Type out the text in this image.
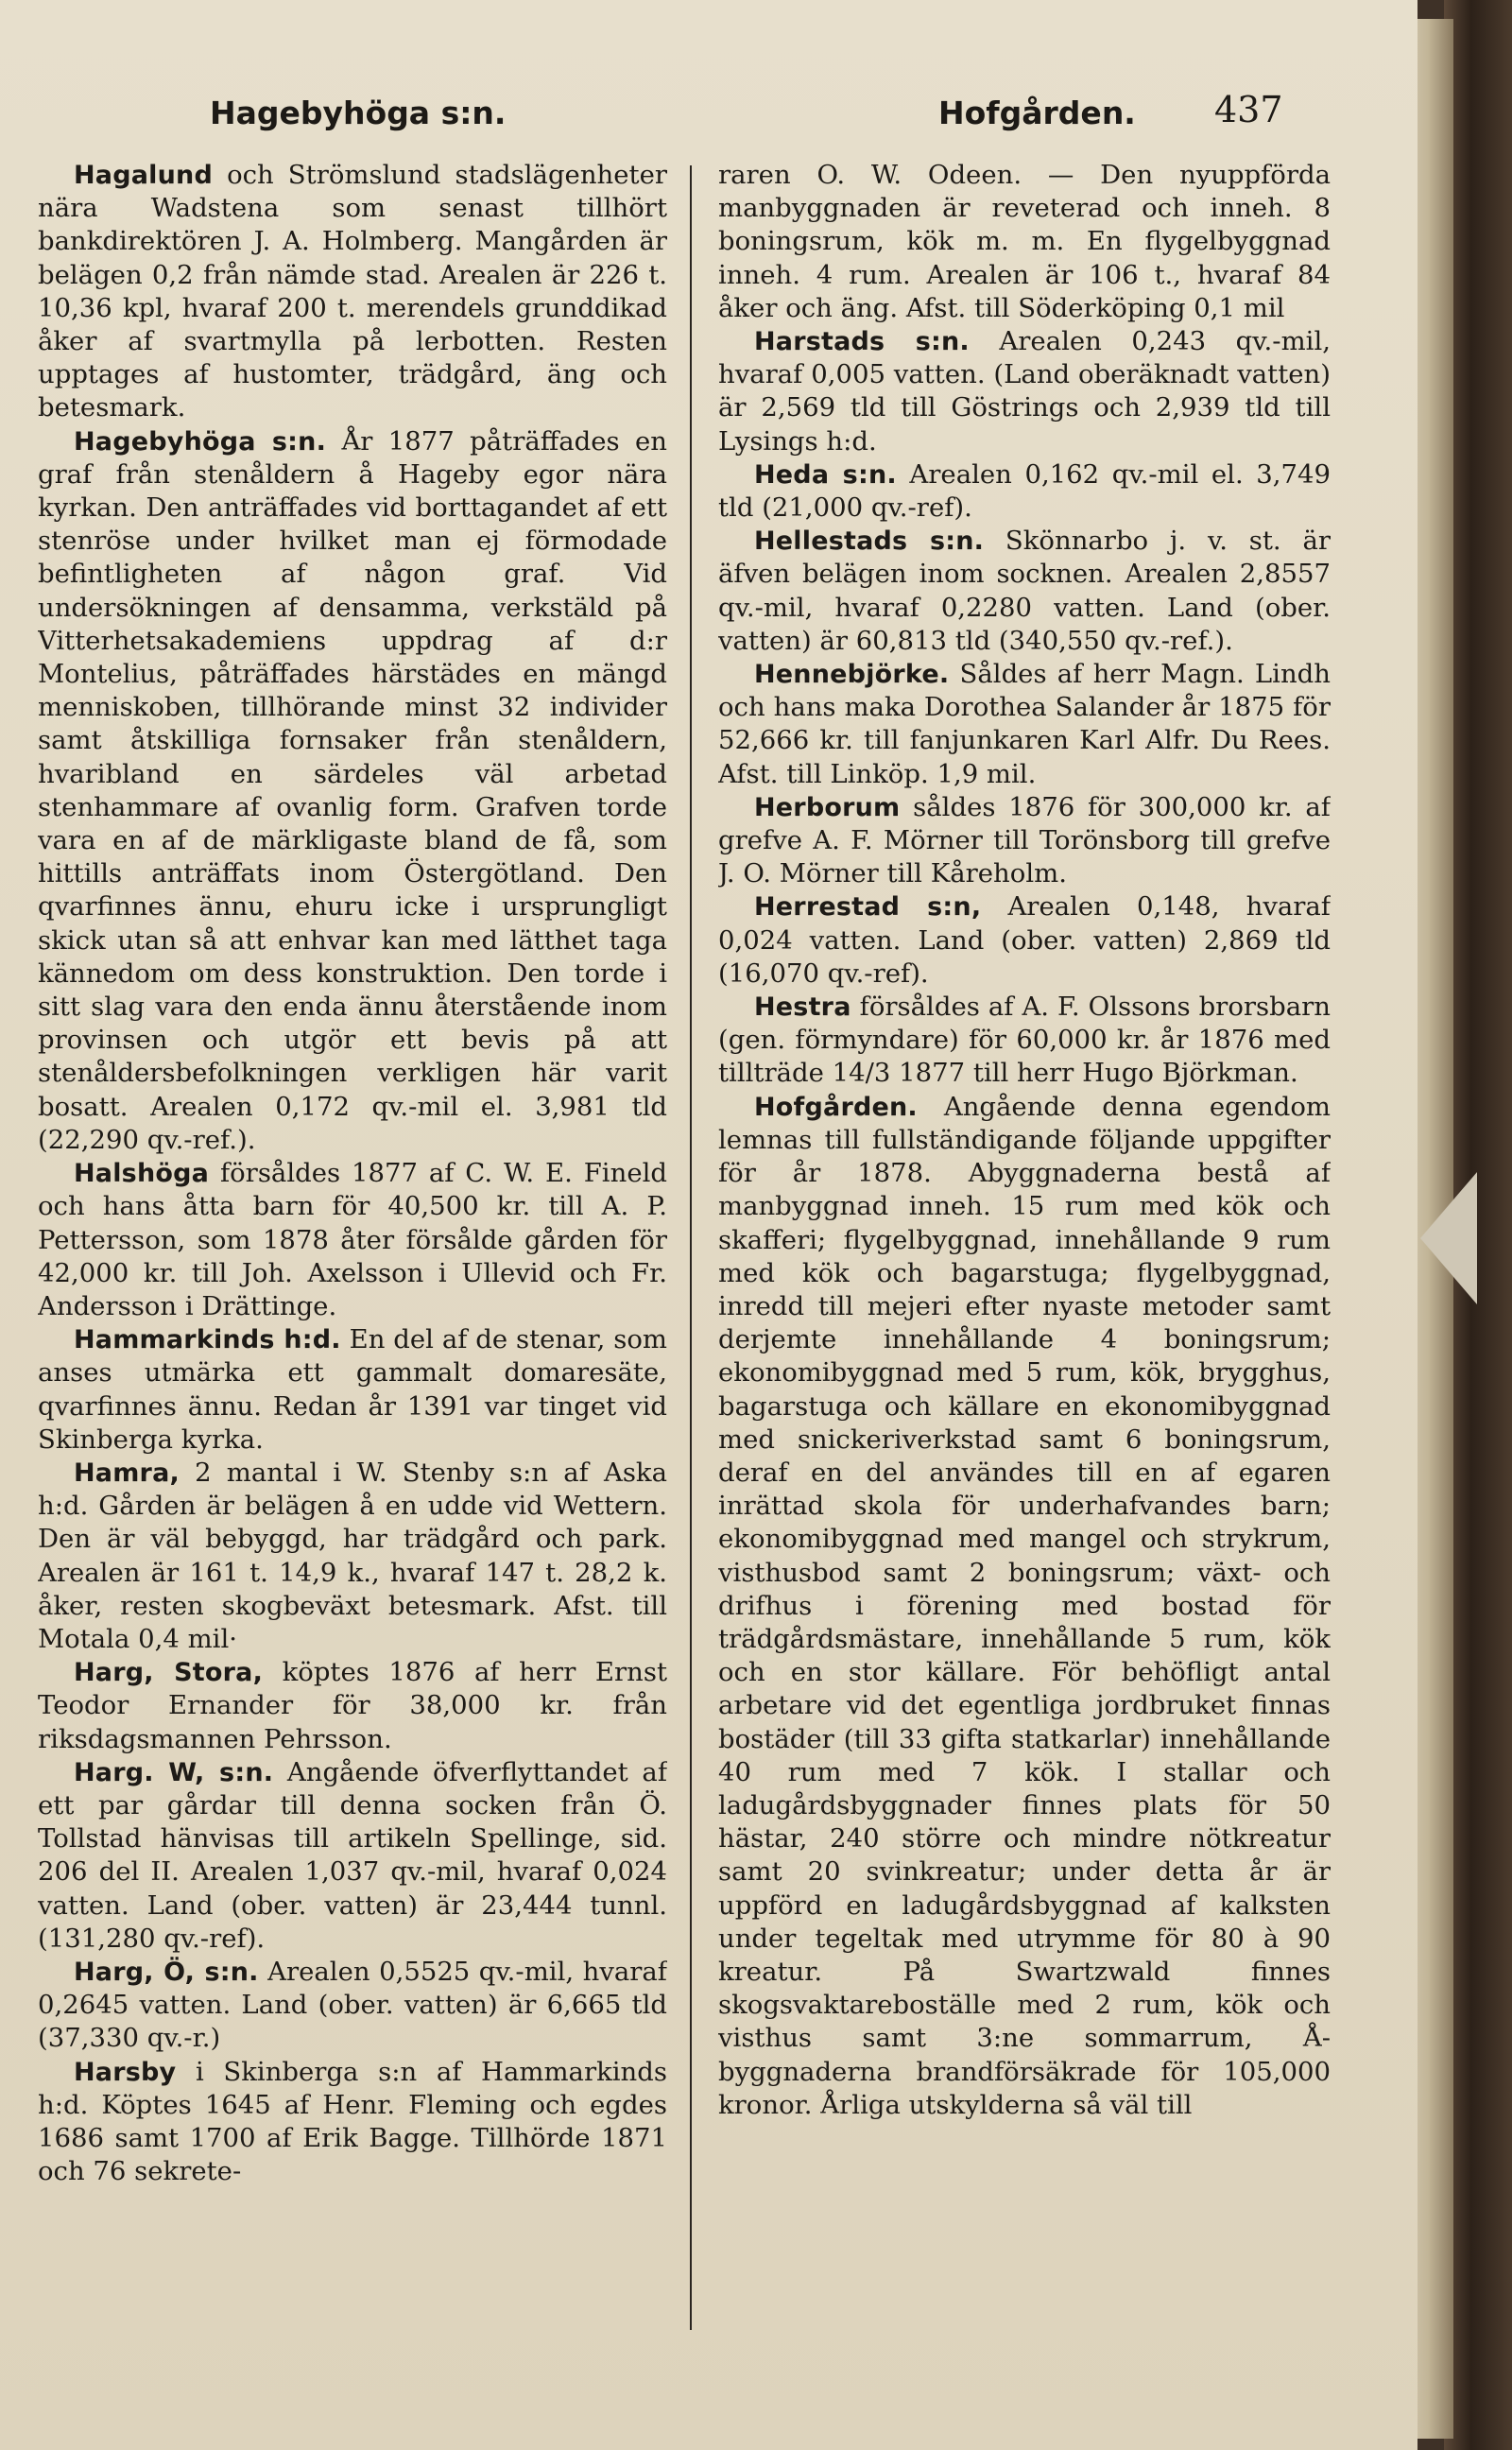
Hagebyhöga s:n.	Hofgården. 437

Hagalund och Strömslund stadslägenheter nära Wadstena som senast tillhört bankdirektören J. A. Holmberg. Mangården är belägen 0,2 från nämde stad. Arealen är 226 t. 10,36 kpl, hvaraf 200 t. merendels grunddikad åker af svartmylla på lerbotten. Resten upptages af hustomter, trädgård, äng och betesmark.

Hagebyhöga s:n. År 1877 påträffades en graf från stenåldern å Hageby egor nära kyrkan. Den anträffades vid borttagandet af ett stenröse under hvilket man ej förmodade befintligheten af någon graf. Vid undersökningen af densamma, verkstäld på Vitterhetsakademiens uppdrag af d:r Montelius, påträffades härstädes en mängd menniskoben, tillhörande minst 32 individer samt åtskilliga fornsaker från stenåldern, hvaribland en särdeles väl arbetad stenhammare af ovanlig form. Grafven torde vara en af de märkligaste bland de få, som hittills anträffats inom Östergötland. Den qvarfinnes ännu, ehuru icke i ursprungligt skick utan så att enhvar kan med lätthet taga kännedom om dess konstruktion. Den torde i sitt slag vara den enda ännu återstående inom provinsen och utgör ett bevis på att stenåldersbefolkningen verkligen här varit bosatt. Arealen 0,172 qv.-mil el. 3,981 tld (22,290 qv.-ref.).

Halshöga försåldes 1877 af C. W. E. Fineld och hans åtta barn för 40,500 kr. till A. P. Pettersson, som 1878 åter försålde gården för 42,000 kr. till Joh. Axelsson i Ullevid och Fr. Andersson i Drättinge.

Hammarkinds h:d. En del af de stenar, som anses utmärka ett gammalt domaresäte, qvarfinnes ännu. Redan år 1391 var tinget vid Skinberga kyrka.

Hamra, 2 mantal i W. Stenby s:n af Aska h:d. Gården är belägen å en udde vid Wettern. Den är väl bebyggd, har trädgård och park. Arealen är 161 t. 14,9 k., hvaraf 147 t. 28,2 k. åker, resten skogbeväxt betesmark. Afst. till Motala 0,4 mil·

Harg, Stora, köptes 1876 af herr Ernst Teodor Ernander för 38,000 kr. från riksdagsmannen Pehrsson.

Harg. W, s:n. Angående öfverflyttandet af ett par gårdar till denna socken från Ö. Tollstad hänvisas till artikeln Spellinge, sid. 206 del II. Arealen 1,037 qv.-mil, hvaraf 0,024 vatten. Land (ober. vatten) är 23,444 tunnl. (131,280 qv.-ref).

Harg, Ö, s:n. Arealen 0,5525 qv.-mil, hvaraf 0,2645 vatten. Land (ober. vatten) är 6,665 tld (37,330 qv.-r.)

Harsby i Skinberga s:n af Hammarkinds h:d. Köptes 1645 af Henr. Fleming och egdes 1686 samt 1700 af Erik Bagge. Tillhörde 1871 och 76 sekrete-

raren O. W. Odeen. — Den nyuppförda manbyggnaden är reveterad och inneh. 8 boningsrum, kök m. m. En flygelbyggnad inneh. 4 rum. Arealen är 106 t., hvaraf 84 åker och äng. Afst. till Söderköping 0,1 mil

Harstads s:n. Arealen 0,243 qv.-mil, hvaraf 0,005 vatten. (Land oberäknadt vatten) är 2,569 tld till Göstrings och 2,939 tld till Lysings h:d.

Heda s:n. Arealen 0,162 qv.-mil el. 3,749 tld (21,000 qv.-ref).

Hellestads s:n. Skönnarbo j. v. st. är äfven belägen inom socknen. Arealen 2,8557 qv.-mil, hvaraf 0,2280 vatten. Land (ober. vatten) är 60,813 tld (340,550 qv.-ref.).

Hennebjörke. Såldes af herr Magn. Lindh och hans maka Dorothea Salander år 1875 för 52,666 kr. till fanjunkaren Karl Alfr. Du Rees. Afst. till Linköp. 1,9 mil.

Herborum såldes 1876 för 300,000 kr. af grefve A. F. Mörner till Torönsborg till grefve J. O. Mörner till Kåreholm.

Herrestad s:n, Arealen 0,148, hvaraf 0,024 vatten. Land (ober. vatten) 2,869 tld (16,070 qv.-ref).

Hestra försåldes af A. F. Olssons brorsbarn (gen. förmyndare) för 60,000 kr. år 1876 med tillträde 14/3 1877 till herr Hugo Björkman.

Hofgården. Angående denna egendom lemnas till fullständigande följande uppgifter för år 1878. Abyggnaderna bestå af manbyggnad inneh. 15 rum med kök och skafferi; flygelbyggnad, innehållande 9 rum med kök och bagarstuga; flygelbyggnad, inredd till mejeri efter nyaste metoder samt derjemte innehållande 4 boningsrum; ekonomibyggnad med 5 rum, kök, brygghus, bagarstuga och källare en ekonomibyggnad med snickeriverkstad samt 6 boningsrum, deraf en del användes till en af egaren inrättad skola för underhafvandes barn; ekonomibyggnad med mangel och strykrum, visthusbod samt 2 boningsrum; växt- och drifhus i förening med bostad för trädgårdsmästare, innehållande 5 rum, kök och en stor källare. För behöfligt antal arbetare vid det egentliga jordbruket finnas bostäder (till 33 gifta statkarlar) innehållande 40 rum med 7 kök. I stallar och ladugårdsbyggnader finnes plats för 50 hästar, 240 större och mindre nötkreatur samt 20 svinkreatur; under detta år är uppförd en ladugårdsbyggnad af kalksten under tegeltak med utrymme för 80 à 90 kreatur. På Swartzwald finnes skogsvaktareboställe med 2 rum, kök och visthus samt 3:ne sommarrum, Å- byggnaderna brandförsäkrade för 105,000 kronor. Årliga utskylderna så väl till
